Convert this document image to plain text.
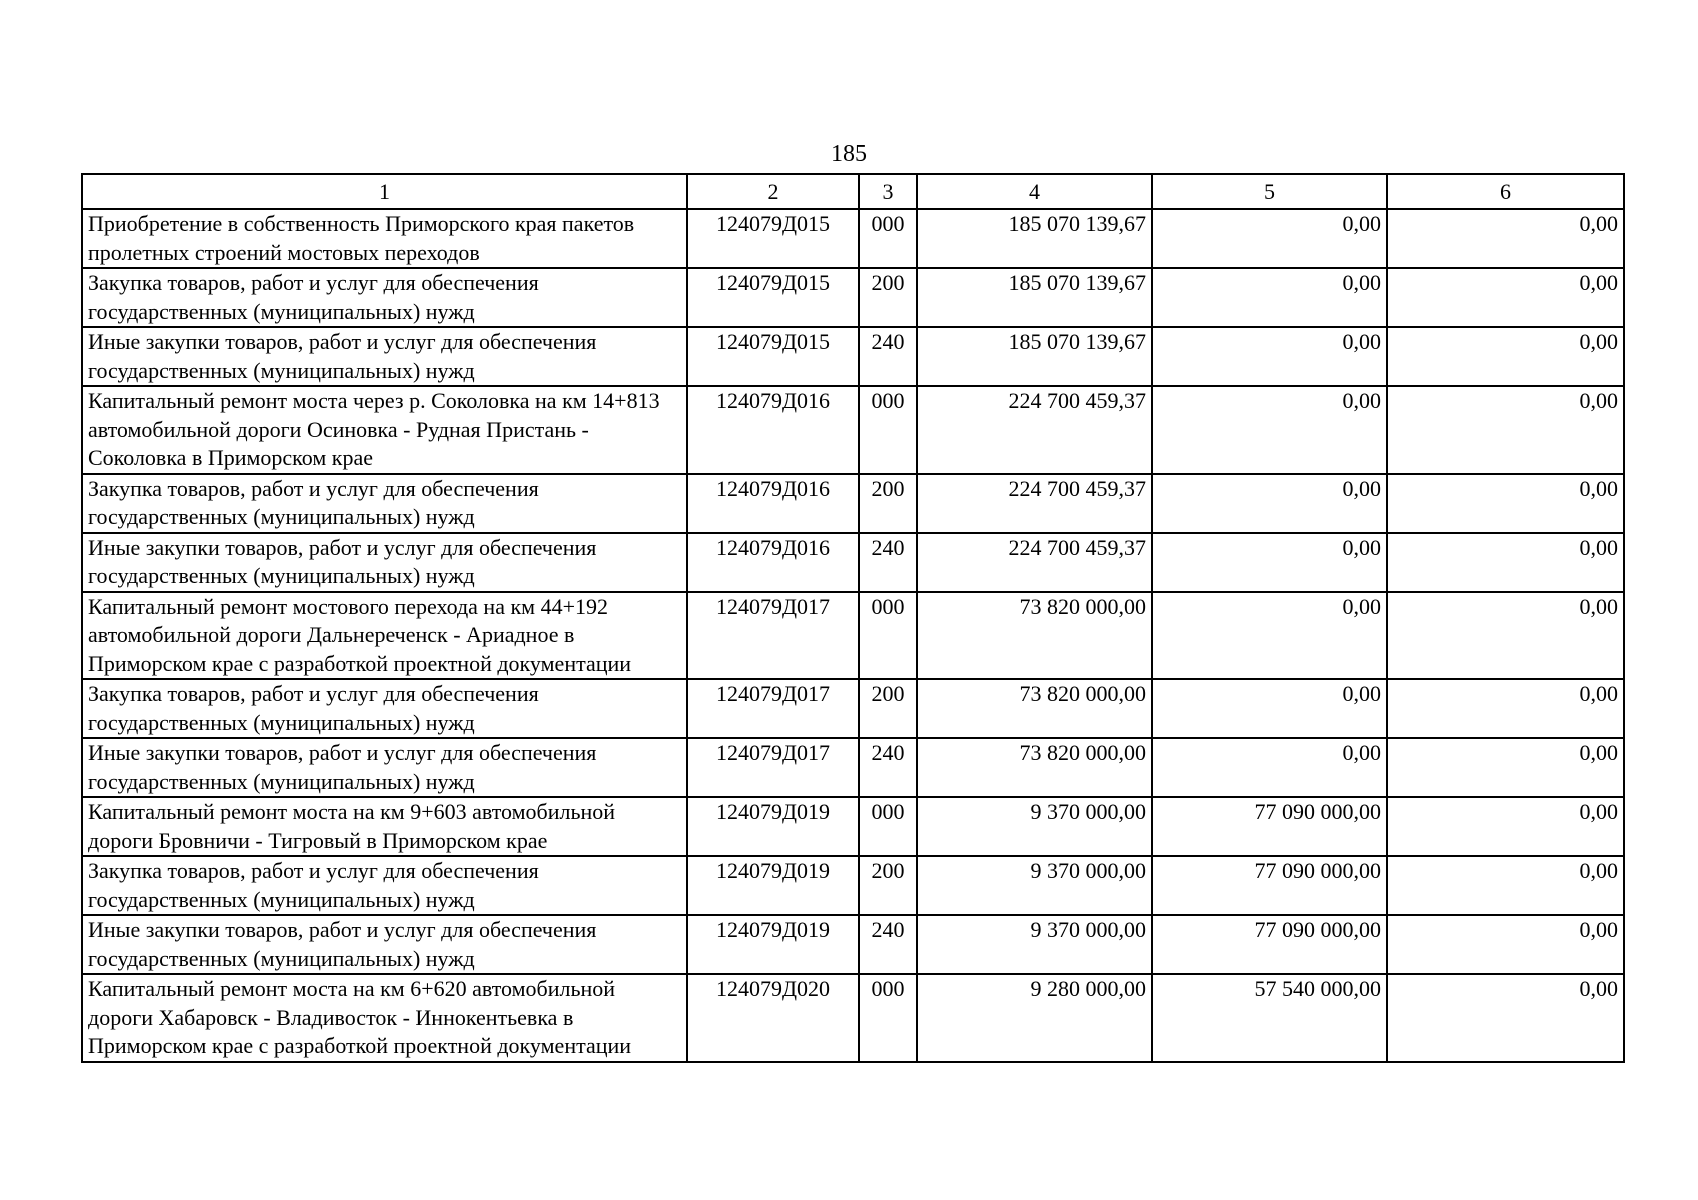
185
1	2	3	4	5	6
Приобретение в собственность Приморского края пакетов пролетных строений мостовых переходов	124079Д015	000	185 070 139,67	0,00	0,00
Закупка товаров, работ и услуг для обеспечения государственных (муниципальных) нужд	124079Д015	200	185 070 139,67	0,00	0,00
Иные закупки товаров, работ и услуг для обеспечения государственных (муниципальных) нужд	124079Д015	240	185 070 139,67	0,00	0,00
Капитальный ремонт моста через р. Соколовка на км 14+813 автомобильной дороги Осиновка - Рудная Пристань - Соколовка в Приморском крае	124079Д016	000	224 700 459,37	0,00	0,00
Закупка товаров, работ и услуг для обеспечения государственных (муниципальных) нужд	124079Д016	200	224 700 459,37	0,00	0,00
Иные закупки товаров, работ и услуг для обеспечения государственных (муниципальных) нужд	124079Д016	240	224 700 459,37	0,00	0,00
Капитальный ремонт мостового перехода на км 44+192 автомобильной дороги Дальнереченск - Ариадное в Приморском крае с разработкой проектной документации	124079Д017	000	73 820 000,00	0,00	0,00
Закупка товаров, работ и услуг для обеспечения государственных (муниципальных) нужд	124079Д017	200	73 820 000,00	0,00	0,00
Иные закупки товаров, работ и услуг для обеспечения государственных (муниципальных) нужд	124079Д017	240	73 820 000,00	0,00	0,00
Капитальный ремонт моста на км 9+603 автомобильной дороги Бровничи - Тигровый в Приморском крае	124079Д019	000	9 370 000,00	77 090 000,00	0,00
Закупка товаров, работ и услуг для обеспечения государственных (муниципальных) нужд	124079Д019	200	9 370 000,00	77 090 000,00	0,00
Иные закупки товаров, работ и услуг для обеспечения государственных (муниципальных) нужд	124079Д019	240	9 370 000,00	77 090 000,00	0,00
Капитальный ремонт моста на км 6+620 автомобильной дороги Хабаровск - Владивосток - Иннокентьевка в Приморском крае с разработкой проектной документации	124079Д020	000	9 280 000,00	57 540 000,00	0,00
